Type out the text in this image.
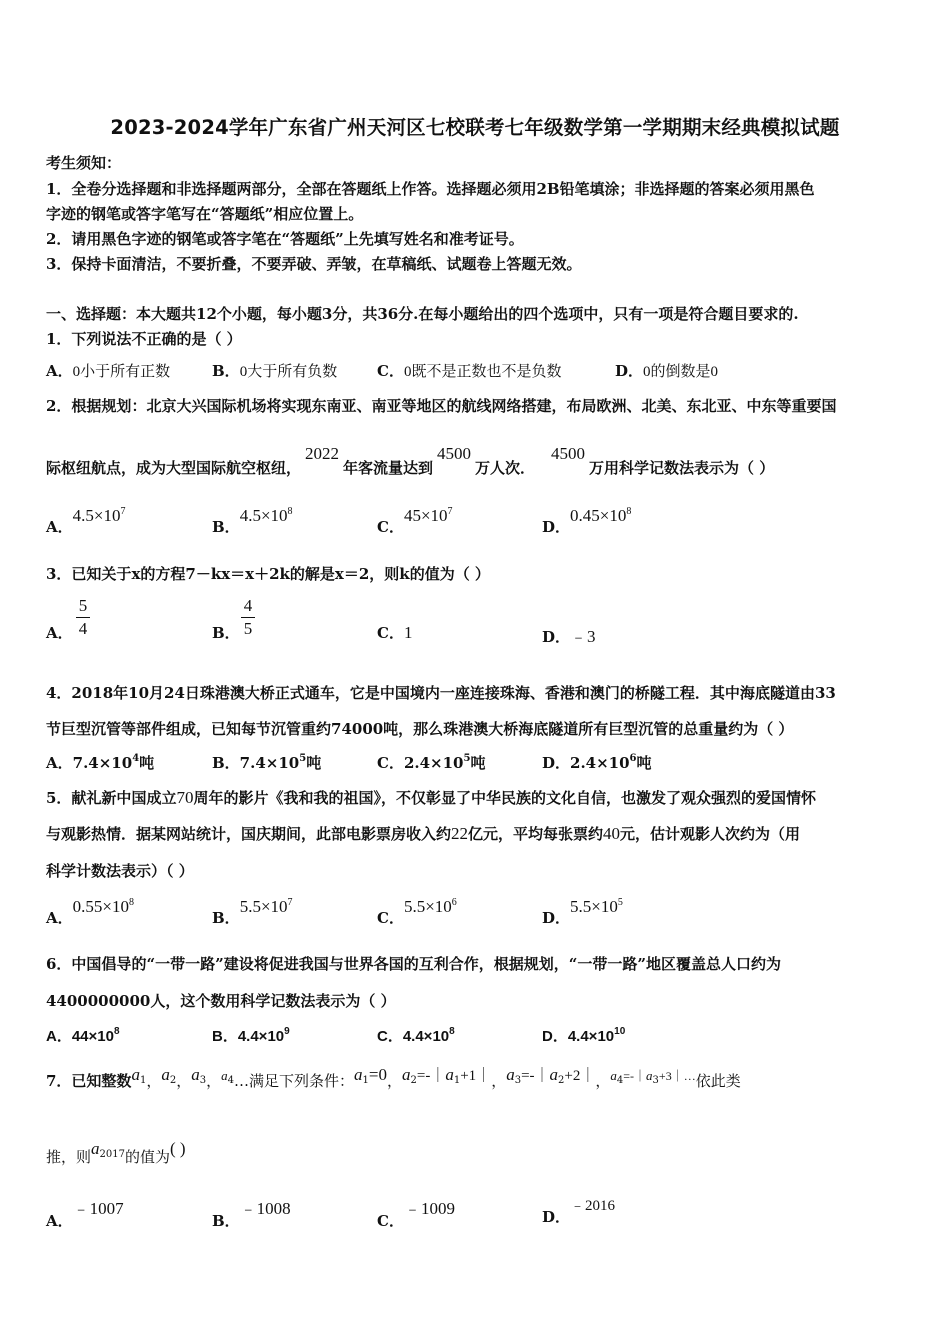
2023-2024学年广东省广州天河区七校联考七年级数学第一学期期末经典模拟试题
考生须知：
1．全卷分选择题和非选择题两部分，全部在答题纸上作答。选择题必须用2B铅笔填涂；非选择题的答案必须用黑色
字迹的钢笔或答字笔写在“答题纸”相应位置上。
2．请用黑色字迹的钢笔或答字笔在“答题纸”上先填写姓名和准考证号。
3．保持卡面清洁，不要折叠，不要弄破、弄皱，在草稿纸、试题卷上答题无效。
一、选择题：本大题共12个小题，每小题3分，共36分.在每小题给出的四个选项中，只有一项是符合题目要求的.
1．下列说法不正确的是（ ）
A．0小于所有正数	B．0大于所有负数	C．0既不是正数也不是负数	D．0的倒数是0
2．根据规划：北京大兴国际机场将实现东南亚、南亚等地区的航线网络搭建，布局欧洲、北美、东北亚、中东等重要国
际枢纽航点，成为大型国际航空枢纽，2022年客流量达到4500万人次．4500万用科学记数法表示为（ ）
A．$4.5\times 10^7$
B．$4.5\times 10^8$
C．$45\times 10^7$
D．$0.45\times 10^8$
3．已知关于x的方程7－kx＝x＋2k的解是x＝2，则k的值为（ ）
A．
5
4	B．
4
5	C．1	D．﹣3
4．2018年10月24日珠港澳大桥正式通车，它是中国境内一座连接珠海、香港和澳门的桥隧工程．其中海底隧道由33
节巨型沉管等部件组成，已知每节沉管重约74000吨，那么珠港澳大桥海底隧道所有巨型沉管的总重量约为（ ）
A．$7.4\times 10^4$吨	B．$7.4\times 10^5$吨	C．$2.4\times 10^5$吨	D．$2.4\times 10^6$吨
5．献礼新中国成立70周年的影片《我和我的祖国》，不仅彰显了中华民族的文化自信，也激发了观众强烈的爱国情怀
与观影热情．据某网站统计，国庆期间，此部电影票房收入约22亿元，平均每张票约40元，估计观影人次约为（用
科学计数法表示）（ ）
A．$0.55\times 10^8$
B．$5.5\times 10^7$
C．$5.5\times 10^6$
D．$5.5\times 10^5$
6．中国倡导的“一带一路”建设将促进我国与世界各国的互利合作，根据规划，“一带一路”地区覆盖总人口约为
4400000000人，这个数用科学记数法表示为（ ）
A．$44\times 10^8$	B．$4.4\times 10^9$	C．$4.4\times 10^8$	D．$4.4\times 10^{10}$
7．已知整数$a_1$，$a_2$，$a_3$，$a_4\dots$满足下列条件：$a_1=0$，$a_2=-|a_1+1|$，$a_3=-|a_2+2|$，$a_4^{=-|}a_3^{+3|\dots}$依此类
推，则$a_{2017}$的值为( )
A．﹣1007
B．﹣1008
C．﹣1009	D．﹣2016
